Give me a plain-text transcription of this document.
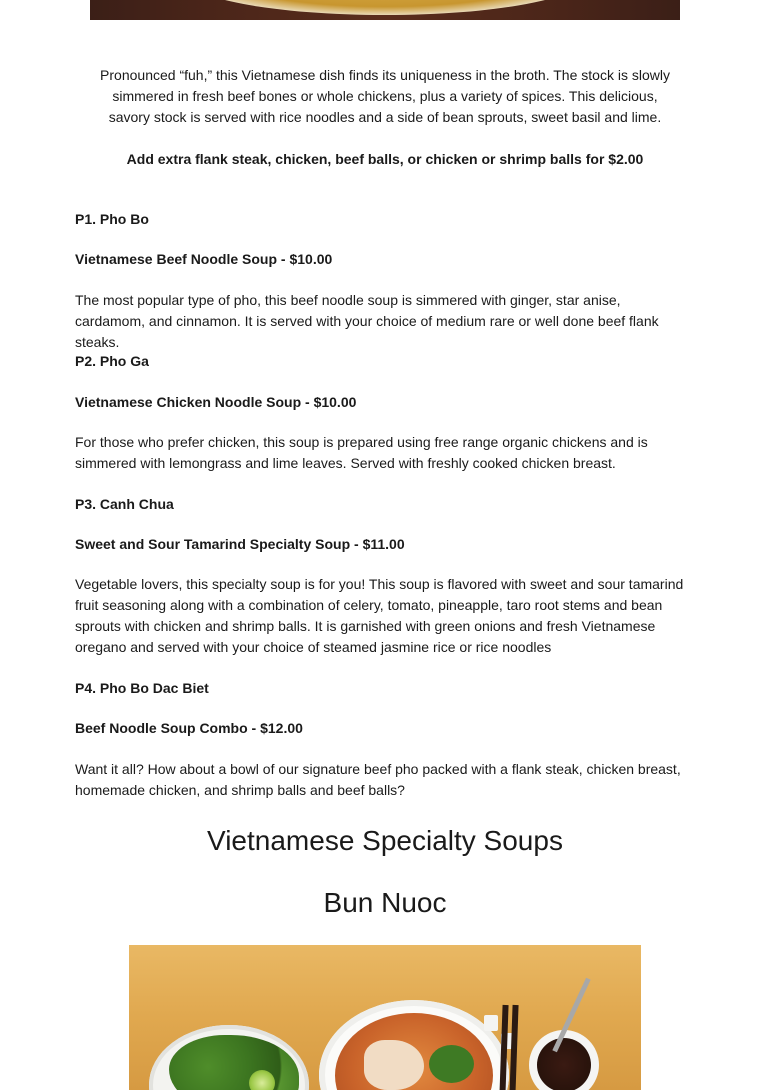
Pronounced “fuh,” this Vietnamese dish finds its uniqueness in the broth. The stock is slowly simmered in fresh beef bones or whole chickens, plus a variety of spices. This delicious, savory stock is served with rice noodles and a side of bean sprouts, sweet basil and lime.

Add extra flank steak, chicken, beef balls, or chicken or shrimp balls for $2.00

P1. Pho Bo

Vietnamese Beef Noodle Soup - $10.00

The most popular type of pho, this beef noodle soup is simmered with ginger, star anise, cardamom, and cinnamon. It is served with your choice of medium rare or well done beef flank steaks.

P2. Pho Ga

Vietnamese Chicken Noodle Soup - $10.00

For those who prefer chicken, this soup is prepared using free range organic chickens and is simmered with lemongrass and lime leaves. Served with freshly cooked chicken breast.

P3. Canh Chua

Sweet and Sour Tamarind Specialty Soup - $11.00

Vegetable lovers, this specialty soup is for you! This soup is flavored with sweet and sour tamarind fruit seasoning along with a combination of celery, tomato, pineapple, taro root stems and bean sprouts with chicken and shrimp balls. It is garnished with green onions and fresh Vietnamese oregano and served with your choice of steamed jasmine rice or rice noodles

P4. Pho Bo Dac Biet

Beef Noodle Soup Combo - $12.00

Want it all? How about a bowl of our signature beef pho packed with a flank steak, chicken breast, homemade chicken, and shrimp balls and beef balls?

Vietnamese Specialty Soups
Bun Nuoc
